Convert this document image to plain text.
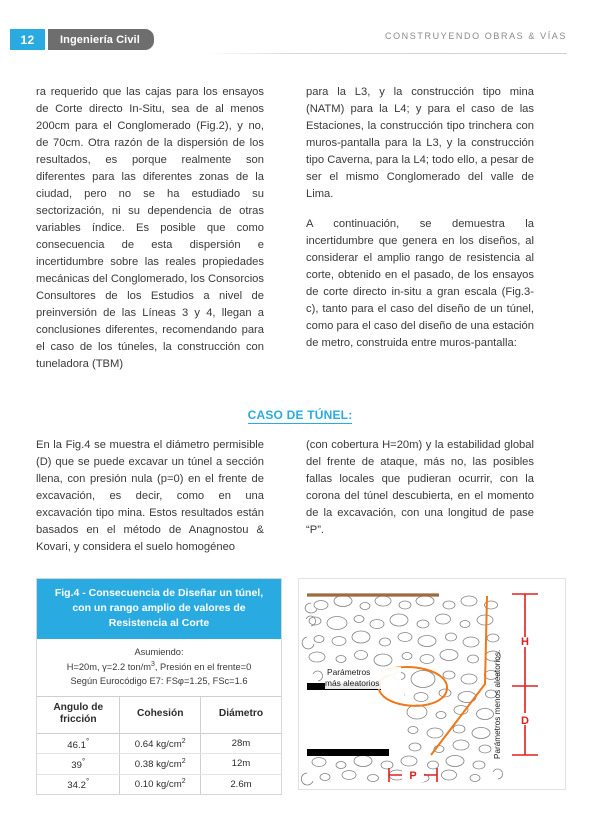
12	Ingeniería Civil	CONSTRUYENDO OBRAS & VÍAS

ra requerido que las cajas para los ensayos de Corte directo In-Situ, sea de al menos 200cm para el Conglomerado (Fig.2), y no, de 70cm. Otra razón de la dispersión de los resultados, es porque realmente son diferentes para las diferentes zonas de la ciudad, pero no se ha estudiado su sectorización, ni su dependencia de otras variables índice. Es posible que como consecuencia de esta dispersión e incertidumbre sobre las reales propiedades mecánicas del Conglomerado, los Consorcios Consultores de los Estudios a nivel de preinversión de las Líneas 3 y 4, llegan a conclusiones diferentes, recomendando para el caso de los túneles, la construcción con tuneladora (TBM)

para la L3, y la construcción tipo mina (NATM) para la L4; y para el caso de las Estaciones, la construcción tipo trinchera con muros-pantalla para la L3, y la construcción tipo Caverna, para la L4; todo ello, a pesar de ser el mismo Conglomerado del valle de Lima.

A continuación, se demuestra la incertidumbre que genera en los diseños, al considerar el amplio rango de resistencia al corte, obtenido en el pasado, de los ensayos de corte directo in-situ a gran escala (Fig.3-c), tanto para el caso del diseño de un túnel, como para el caso del diseño de una estación de metro, construida entre muros-pantalla:

CASO DE TÚNEL:

En la Fig.4 se muestra el diámetro permisible (D) que se puede excavar un túnel a sección llena, con presión nula (p=0) en el frente de excavación, es decir, como en una excavación tipo mina. Estos resultados están basados en el método de Anagnostou & Kovari, y considera el suelo homogéneo

(con cobertura H=20m) y la estabilidad global del frente de ataque, más no, las posibles fallas locales que pudieran ocurrir, con la corona del túnel descubierta, en el momento de la excavación, con una longitud de pase “P”.

Fig.4 - Consecuencia de Diseñar un túnel, con un rango amplio de valores de Resistencia al Corte
Asumiendo:
H=20m, γ=2.2 ton/$m^3$, Presión en el frente=0
Según Eurocódigo E7: FSφ=1.25, FSc=1.6
Angulo de fricción	Cohesión	Diámetro
46.1°	0.64 $kg/cm^2$	28m
39°	0.38 $kg/cm^2$	12m
34.2°	0.10 $kg/cm^2$	2.6m
H
D
P
Parámetros
más aleatorios	Parámetros menos aleatorios.
